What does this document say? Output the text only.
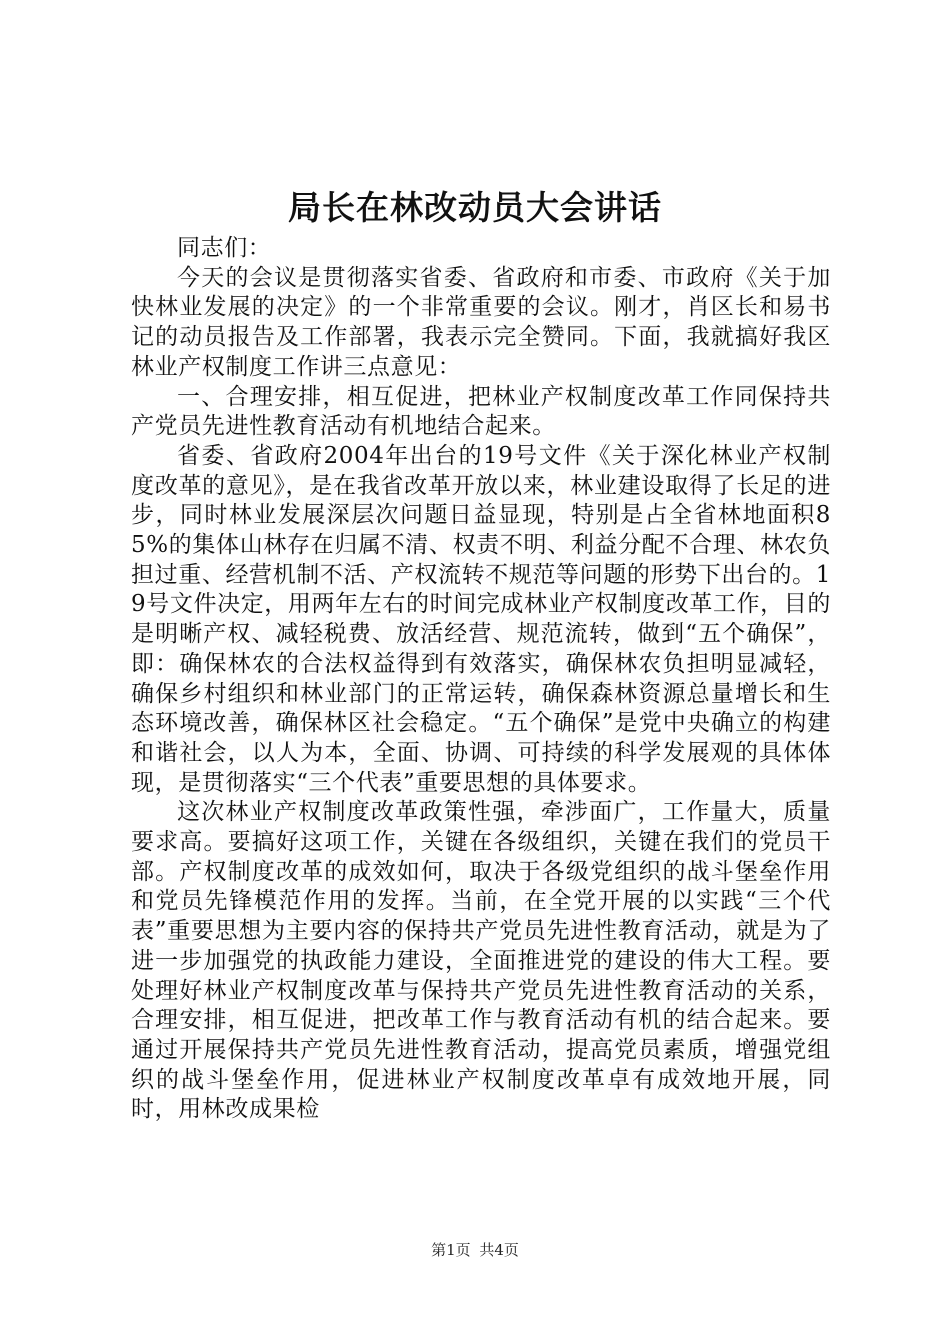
局长在林改动员大会讲话

同志们：

今天的会议是贯彻落实省委、省政府和市委、市政府《关于加快林业发展的决定》的一个非常重要的会议。刚才，肖区长和易书记的动员报告及工作部署，我表示完全赞同。下面，我就搞好我区林业产权制度工作讲三点意见：

一、合理安排，相互促进，把林业产权制度改革工作同保持共产党员先进性教育活动有机地结合起来。

省委、省政府2004年出台的19号文件《关于深化林业产权制度改革的意见》，是在我省改革开放以来，林业建设取得了长足的进步，同时林业发展深层次问题日益显现，特别是占全省林地面积85%的集体山林存在归属不清、权责不明、利益分配不合理、林农负担过重、经营机制不活、产权流转不规范等问题的形势下出台的。19号文件决定，用两年左右的时间完成林业产权制度改革工作，目的是明晰产权、减轻税费、放活经营、规范流转，做到“五个确保”，即：确保林农的合法权益得到有效落实，确保林农负担明显减轻，确保乡村组织和林业部门的正常运转，确保森林资源总量增长和生态环境改善，确保林区社会稳定。“五个确保”是党中央确立的构建和谐社会，以人为本，全面、协调、可持续的科学发展观的具体体现，是贯彻落实“三个代表”重要思想的具体要求。

这次林业产权制度改革政策性强，牵涉面广，工作量大，质量要求高。要搞好这项工作，关键在各级组织，关键在我们的党员干部。产权制度改革的成效如何，取决于各级党组织的战斗堡垒作用和党员先锋模范作用的发挥。当前，在全党开展的以实践“三个代表”重要思想为主要内容的保持共产党员先进性教育活动，就是为了进一步加强党的执政能力建设，全面推进党的建设的伟大工程。要处理好林业产权制度改革与保持共产党员先进性教育活动的关系，合理安排，相互促进，把改革工作与教育活动有机的结合起来。要通过开展保持共产党员先进性教育活动，提高党员素质，增强党组织的战斗堡垒作用，促进林业产权制度改革卓有成效地开展，同时，用林改成果检

第1页 共4页
